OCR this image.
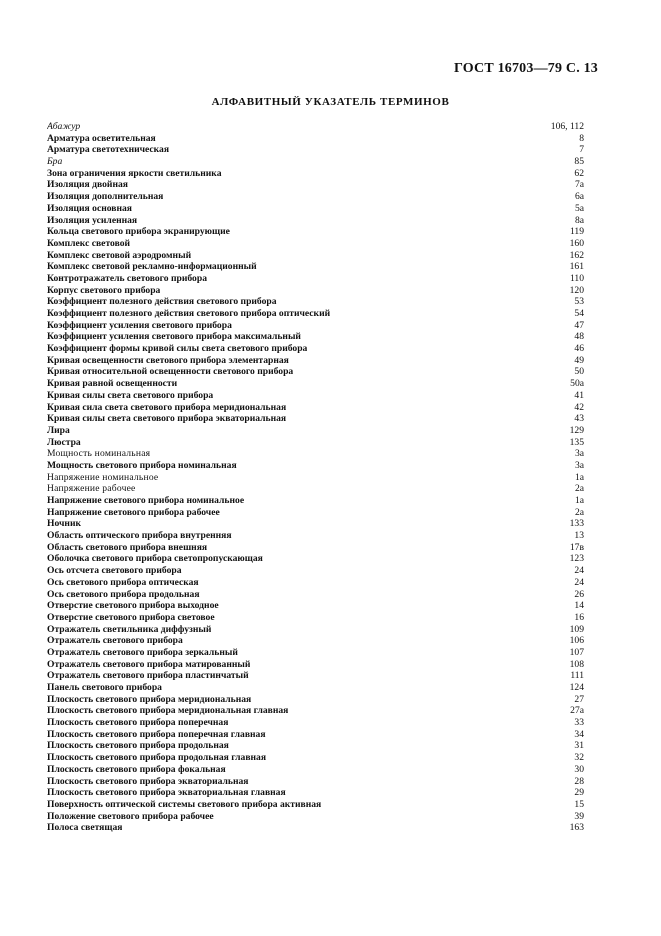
ГОСТ 16703—79 С. 13
АЛФАВИТНЫЙ УКАЗАТЕЛЬ ТЕРМИНОВ
Абажур	106, 112
Арматура осветительная	8
Арматура светотехническая	7
Бра	85
Зона ограничения яркости светильника	62
Изоляция двойная	7а
Изоляция дополнительная	6а
Изоляция основная	5а
Изоляция усиленная	8а
Кольца светового прибора экранирующие	119
Комплекс световой	160
Комплекс световой аэродромный	162
Комплекс световой рекламно-информационный	161
Контротражатель светового прибора	110
Корпус светового прибора	120
Коэффициент полезного действия светового прибора	53
Коэффициент полезного действия светового прибора оптический	54
Коэффициент усиления светового прибора	47
Коэффициент усиления светового прибора максимальный	48
Коэффициент формы кривой силы света светового прибора	46
Кривая освещенности светового прибора элементарная	49
Кривая относительной освещенности светового прибора	50
Кривая равной освещенности	50а
Кривая силы света светового прибора	41
Кривая сила света светового прибора меридиональная	42
Кривая силы света светового прибора экваториальная	43
Лира	129
Люстра	135
Мощность номинальная	3а
Мощность светового прибора номинальная	3а
Напряжение номинальное	1а
Напряжение рабочее	2а
Напряжение светового прибора номинальное	1а
Напряжение светового прибора рабочее	2а
Ночник	133
Область оптического прибора внутренняя	13
Область светового прибора внешняя	17в
Оболочка светового прибора светопропускающая	123
Ось отсчета светового прибора	24
Ось светового прибора оптическая	24
Ось светового прибора продольная	26
Отверстие светового прибора выходное	14
Отверстие светового прибора световое	16
Отражатель светильника диффузный	109
Отражатель светового прибора	106
Отражатель светового прибора зеркальный	107
Отражатель светового прибора матированный	108
Отражатель светового прибора пластинчатый	111
Панель светового прибора	124
Плоскость светового прибора меридиональная	27
Плоскость светового прибора меридиональная главная	27а
Плоскость светового прибора поперечная	33
Плоскость светового прибора поперечная главная	34
Плоскость светового прибора продольная	31
Плоскость светового прибора продольная главная	32
Плоскость светового прибора фокальная	30
Плоскость светового прибора экваториальная	28
Плоскость светового прибора экваториальная главная	29
Поверхность оптической системы светового прибора активная	15
Положение светового прибора рабочее	39
Полоса светящая	163
